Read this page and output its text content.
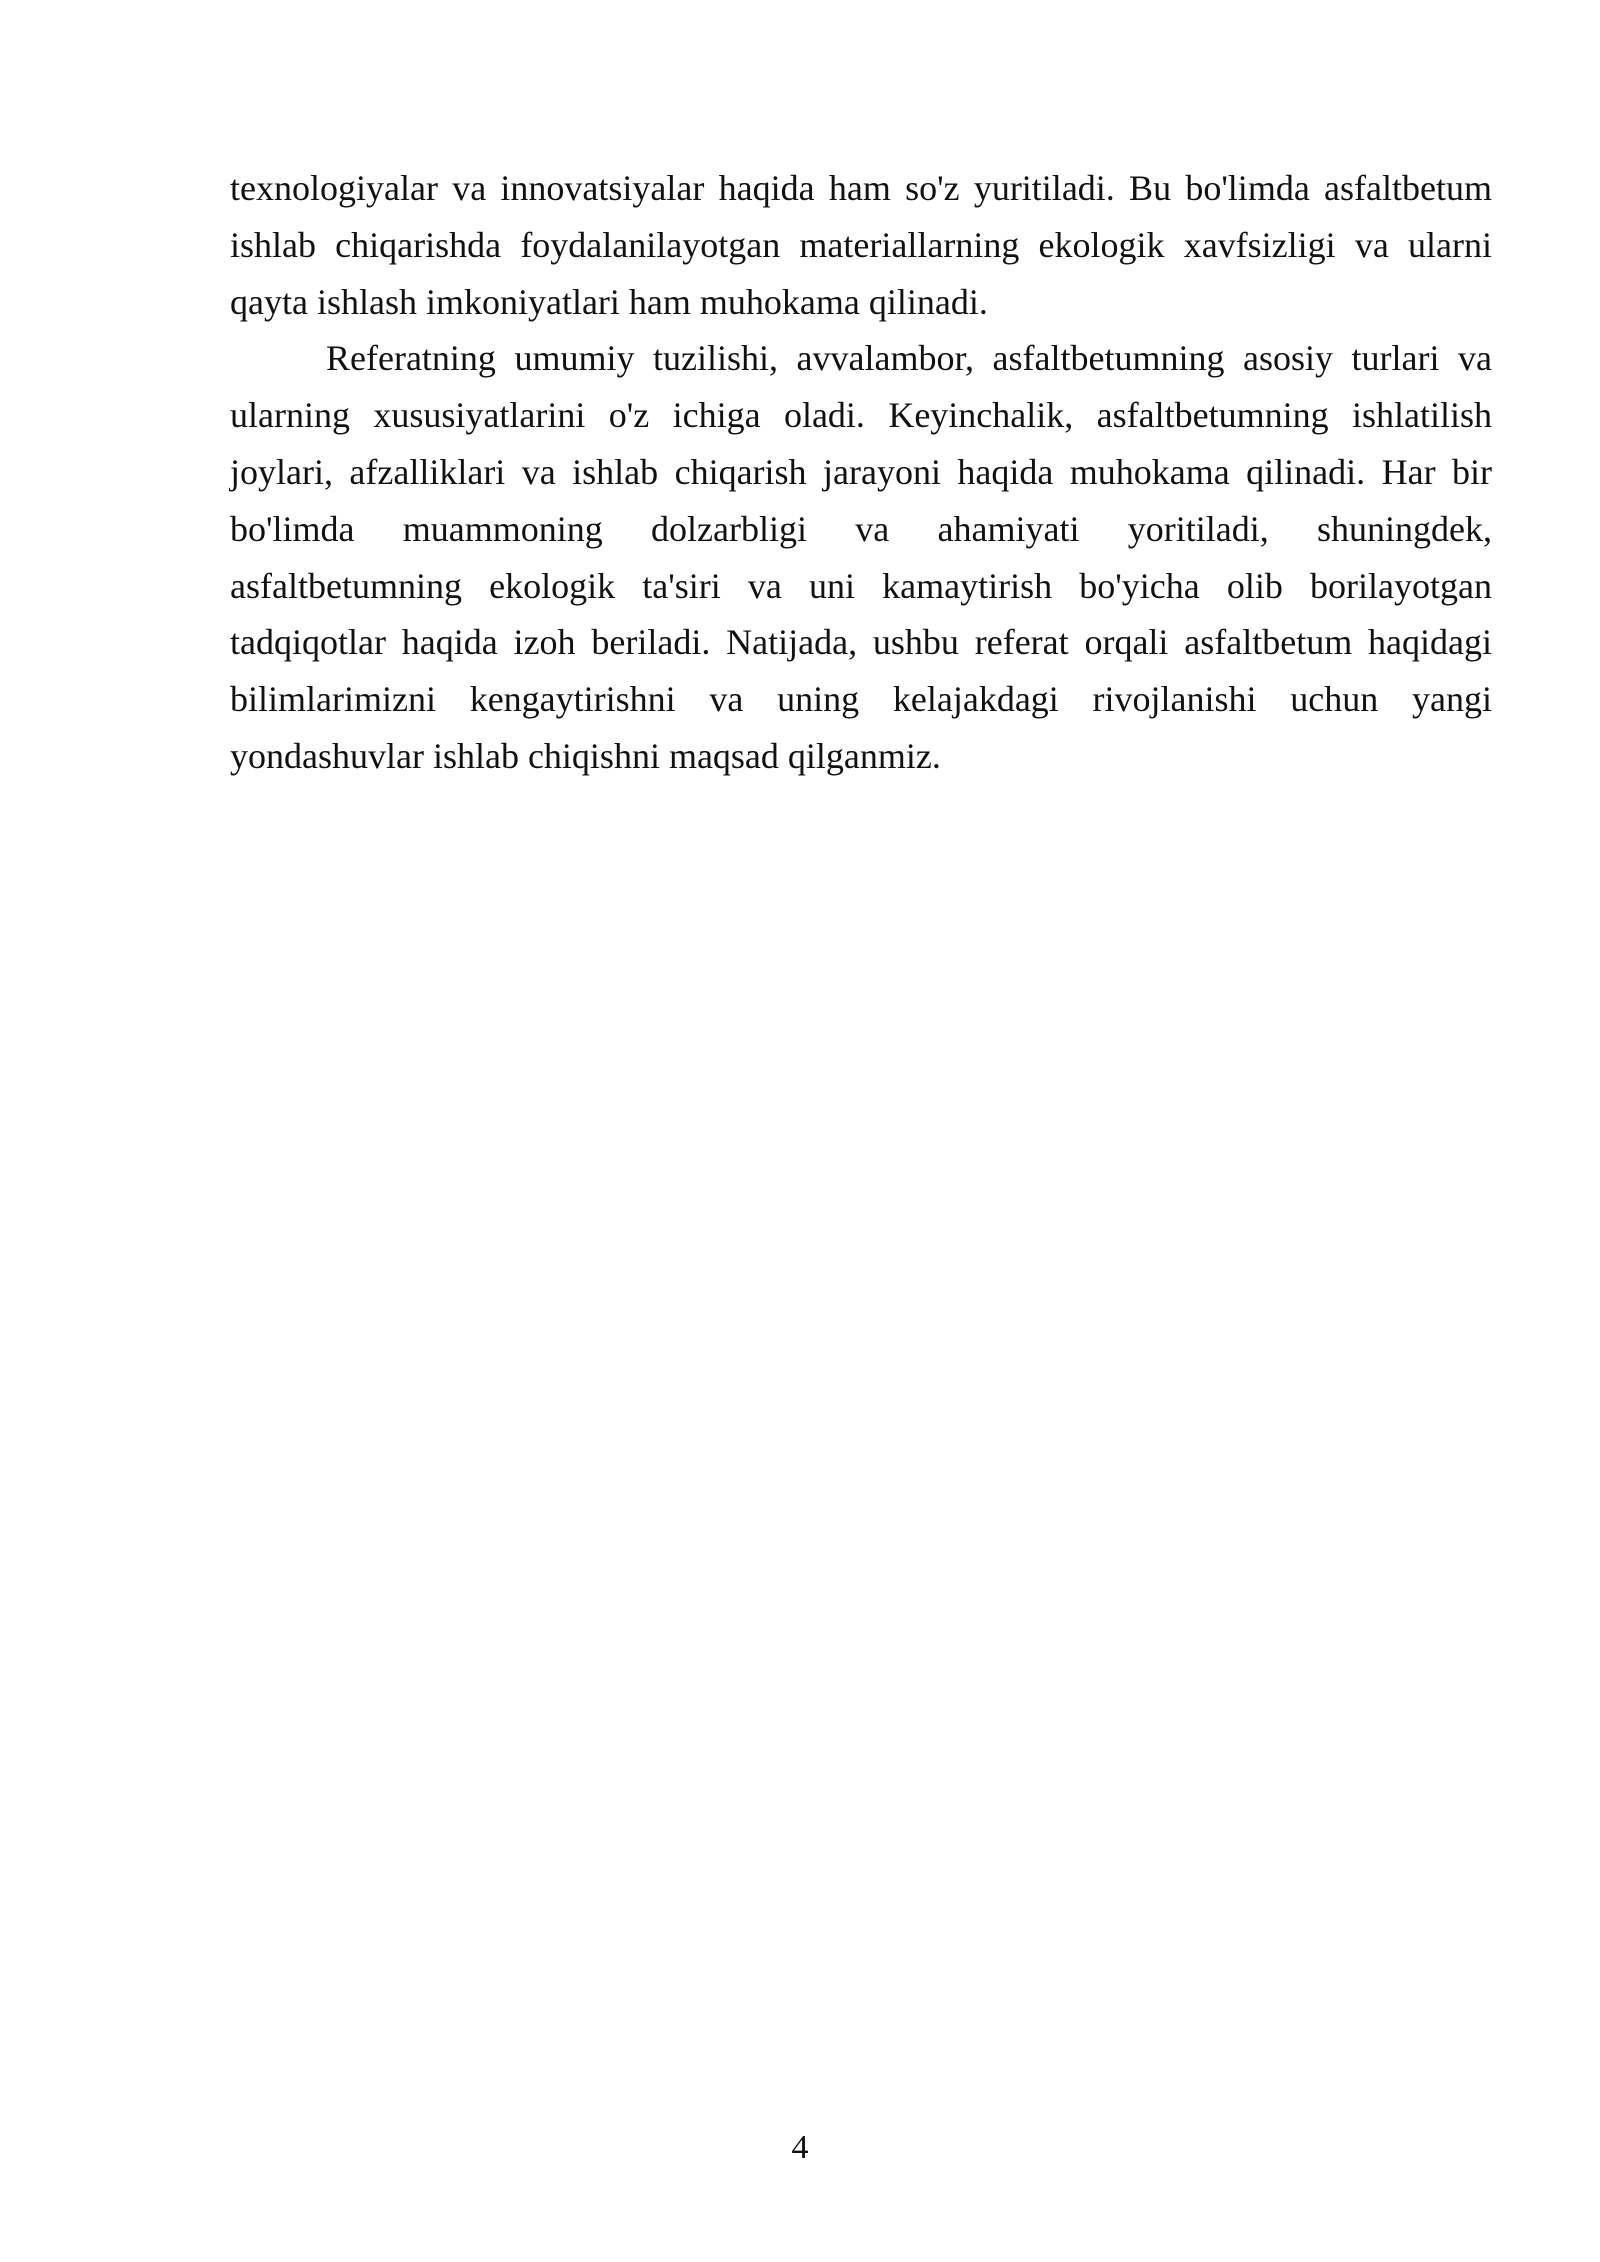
texnologiyalar va innovatsiyalar haqida ham so'z yuritiladi. Bu bo'limda asfaltbetum ishlab chiqarishda foydalanilayotgan materiallarning ekologik xavfsizligi va ularni qayta ishlash imkoniyatlari ham muhokama qilinadi.

Referatning umumiy tuzilishi, avvalambor, asfaltbetumning asosiy turlari va ularning xususiyatlarini o'z ichiga oladi. Keyinchalik, asfaltbetumning ishlatilish joylari, afzalliklari va ishlab chiqarish jarayoni haqida muhokama qilinadi. Har bir bo'limda muammoning dolzarbligi va ahamiyati yoritiladi, shuningdek, asfaltbetumning ekologik ta'siri va uni kamaytirish bo'yicha olib borilayotgan tadqiqotlar haqida izoh beriladi. Natijada, ushbu referat orqali asfaltbetum haqidagi bilimlarimizni kengaytirishni va uning kelajakdagi rivojlanishi uchun yangi yondashuvlar ishlab chiqishni maqsad qilganmiz.

4
